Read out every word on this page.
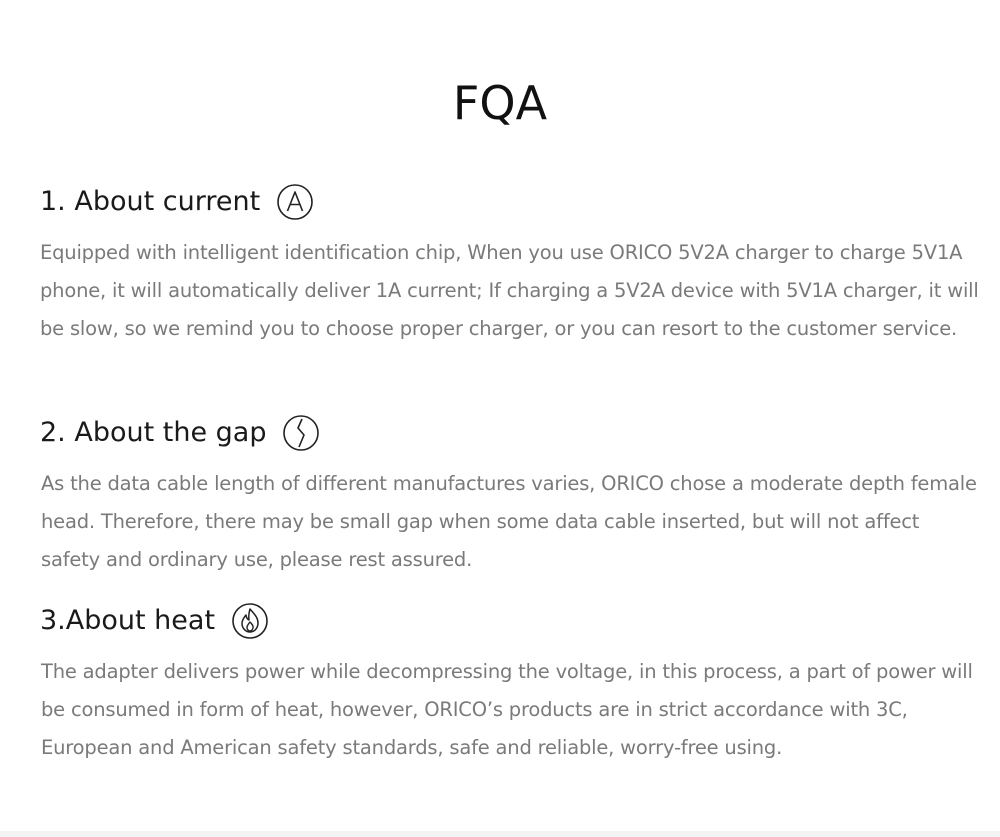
FQA
1. About current

Equipped with intelligent identification chip, When you use ORICO 5V2A charger to charge 5V1A phone, it will automatically deliver 1A current; If charging a 5V2A device with 5V1A charger, it will be slow, so we remind you to choose proper charger, or you can resort to the customer service.

2. About the gap

As the data cable length of different manufactures varies, ORICO chose a moderate depth female head. Therefore, there may be small gap when some data cable inserted, but will not affect safety and ordinary use, please rest assured.

3.About heat

The adapter delivers power while decompressing the voltage, in this process, a part of power will be consumed in form of heat, however, ORICO’s products are in strict accordance with 3C, European and American safety standards, safe and reliable, worry-free using.
